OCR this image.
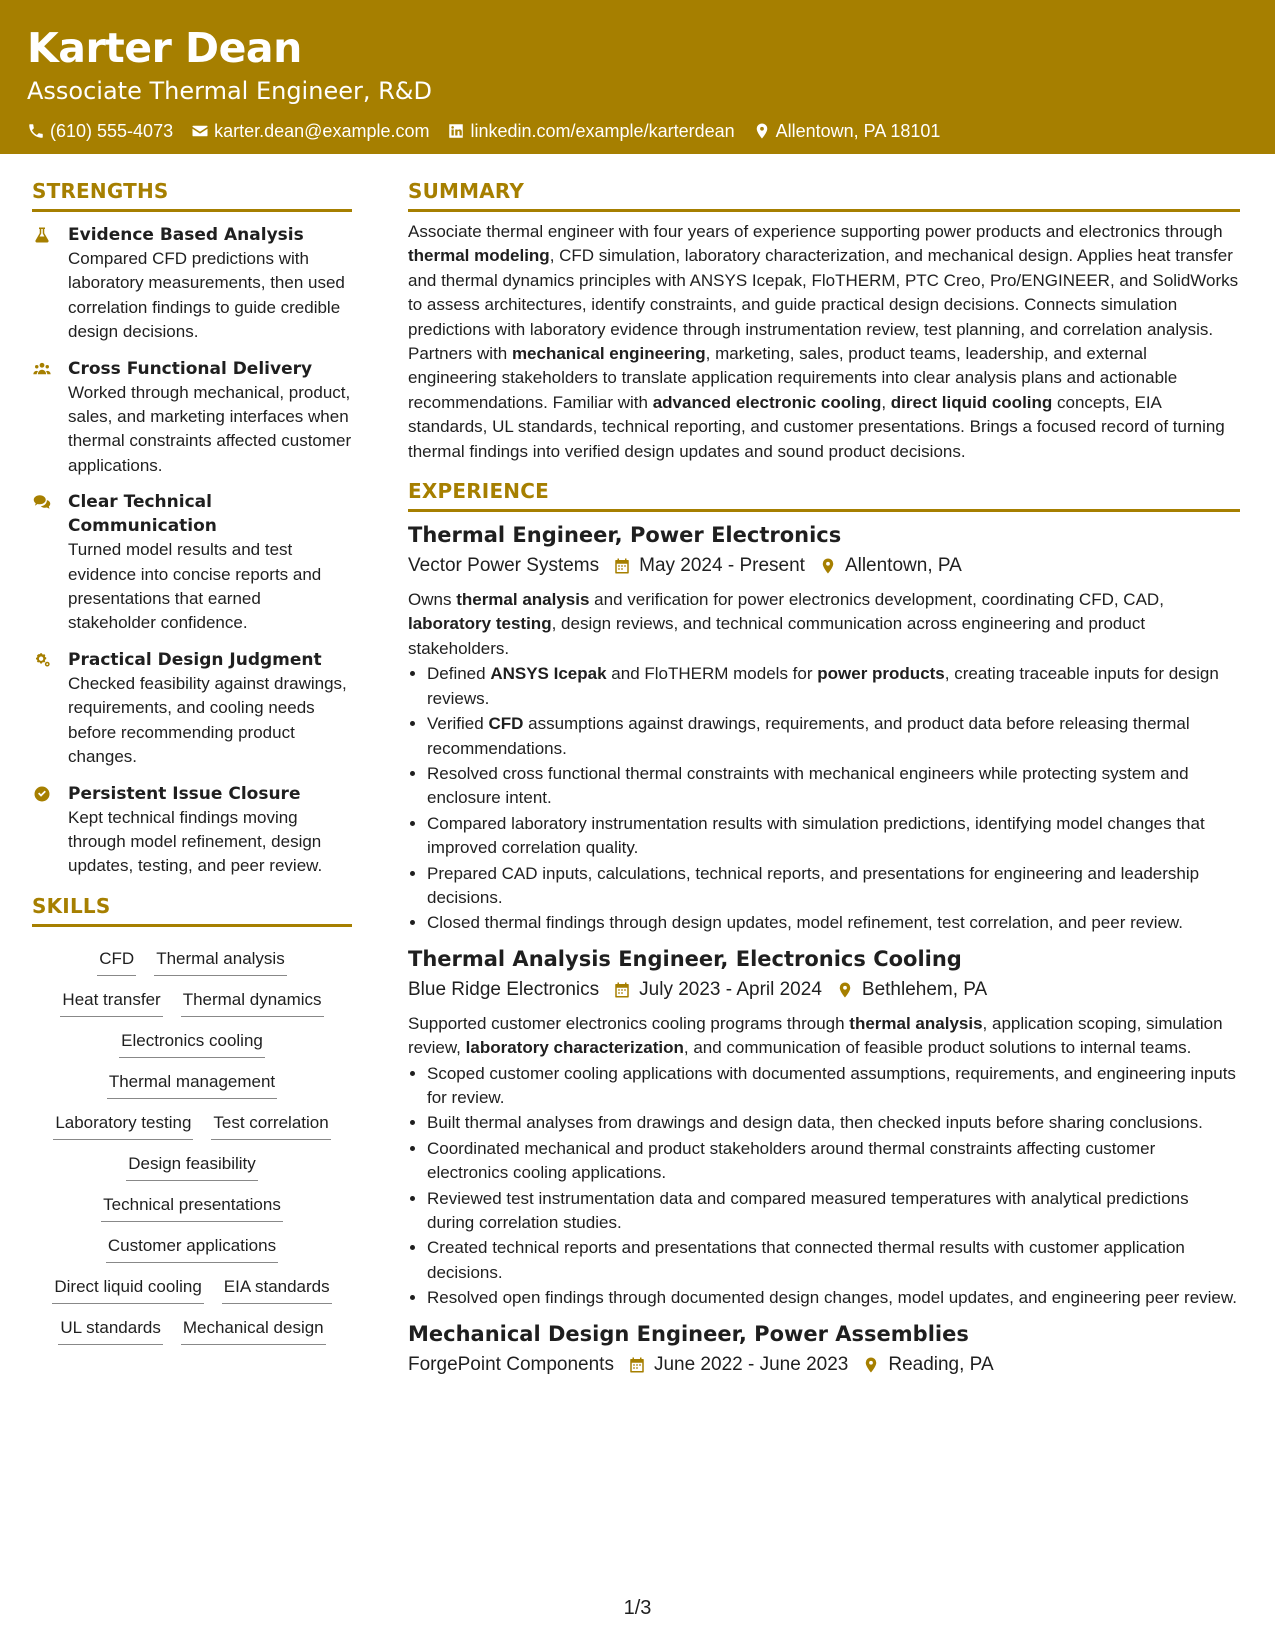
Karter Dean
Associate Thermal Engineer, R&D
(610) 555-4073 karter.dean@example.com linkedin.com/example/karterdean Allentown, PA 18101
STRENGTHS
Evidence Based Analysis
Compared CFD predictions with laboratory measurements, then used correlation findings to guide credible design decisions.
Cross Functional Delivery
Worked through mechanical, product, sales, and marketing interfaces when thermal constraints affected customer applications.
Clear Technical Communication
Turned model results and test evidence into concise reports and presentations that earned stakeholder confidence.
Practical Design Judgment
Checked feasibility against drawings, requirements, and cooling needs before recommending product changes.
Persistent Issue Closure
Kept technical findings moving through model refinement, design updates, testing, and peer review.
SKILLS
CFD Thermal analysis
Heat transfer Thermal dynamics
Electronics cooling
Thermal management
Laboratory testing Test correlation
Design feasibility
Technical presentations
Customer applications
Direct liquid cooling EIA standards
UL standards Mechanical design
SUMMARY
Associate thermal engineer with four years of experience supporting power products and electronics through thermal modeling, CFD simulation, laboratory characterization, and mechanical design. Applies heat transfer and thermal dynamics principles with ANSYS Icepak, FloTHERM, PTC Creo, Pro/ENGINEER, and SolidWorks to assess architectures, identify constraints, and guide practical design decisions. Connects simulation predictions with laboratory evidence through instrumentation review, test planning, and correlation analysis. Partners with mechanical engineering, marketing, sales, product teams, leadership, and external engineering stakeholders to translate application requirements into clear analysis plans and actionable recommendations. Familiar with advanced electronic cooling, direct liquid cooling concepts, EIA standards, UL standards, technical reporting, and customer presentations. Brings a focused record of turning thermal findings into verified design updates and sound product decisions.
EXPERIENCE
Thermal Engineer, Power Electronics
Vector Power Systems May 2024 - Present Allentown, PA
Owns thermal analysis and verification for power electronics development, coordinating CFD, CAD, laboratory testing, design reviews, and technical communication across engineering and product stakeholders.
• Defined ANSYS Icepak and FloTHERM models for power products, creating traceable inputs for design reviews.
• Verified CFD assumptions against drawings, requirements, and product data before releasing thermal recommendations.
• Resolved cross functional thermal constraints with mechanical engineers while protecting system and enclosure intent.
• Compared laboratory instrumentation results with simulation predictions, identifying model changes that improved correlation quality.
• Prepared CAD inputs, calculations, technical reports, and presentations for engineering and leadership decisions.
• Closed thermal findings through design updates, model refinement, test correlation, and peer review.
Thermal Analysis Engineer, Electronics Cooling
Blue Ridge Electronics July 2023 - April 2024 Bethlehem, PA
Supported customer electronics cooling programs through thermal analysis, application scoping, simulation review, laboratory characterization, and communication of feasible product solutions to internal teams.
• Scoped customer cooling applications with documented assumptions, requirements, and engineering inputs for review.
• Built thermal analyses from drawings and design data, then checked inputs before sharing conclusions.
• Coordinated mechanical and product stakeholders around thermal constraints affecting customer electronics cooling applications.
• Reviewed test instrumentation data and compared measured temperatures with analytical predictions during correlation studies.
• Created technical reports and presentations that connected thermal results with customer application decisions.
• Resolved open findings through documented design changes, model updates, and engineering peer review.
Mechanical Design Engineer, Power Assemblies
ForgePoint Components June 2022 - June 2023 Reading, PA
1/3
